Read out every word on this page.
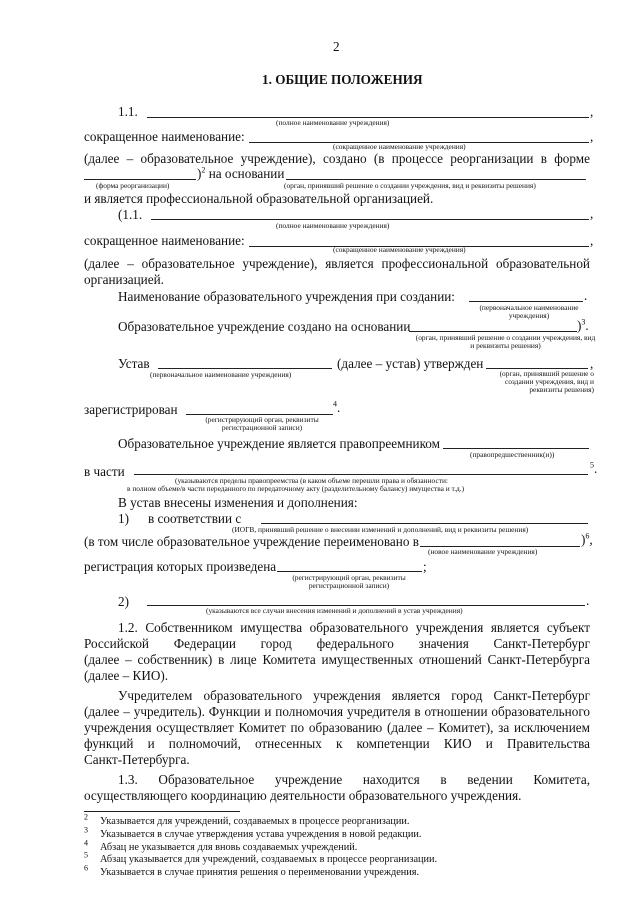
2
1. ОБЩИЕ ПОЛОЖЕНИЯ
1.1.	,
(полное наименование учреждения)
сокращенное наименование:	,
(сокращенное наименование учреждения)
(далее – образовательное учреждение), создано (в процессе реорганизации в форме
)$^2$ на основании
(форма реорганизации)	(орган, принявший решение о создании учреждения, вид и реквизиты решения)
и является профессиональной образовательной организацией.
(1.1.	,
(полное наименование учреждения)
сокращенное наименование:	,
(сокращенное наименование учреждения)
(далее – образовательное учреждение), является профессиональной образовательной
организацией.
Наименование образовательного учреждения при создании:	.
(первоначальное наименование учреждения)
Образовательное учреждение создано на основании	)$^3$.
(орган, принявший решение о создании учреждения, вид и реквизиты решения)
Устав	(далее – устав) утвержден	,
(первоначальное наименование учреждения)	(орган, принявший решение о создании учреждения, вид и реквизиты решения)
зарегистрирован	$^4$.
(регистрирующий орган, реквизиты регистрационной записи)
Образовательное учреждение является правопреемником
(правопредшественник(и))
в части	$^5$.
(указываются пределы правопреемства (в каком объеме перешли права и обязанности:
в полном объеме/в части переданного по передаточному акту (разделительному балансу) имущества и т.д.)
В устав внесены изменения и дополнения:
1) в соответствии с
(ИОГВ, принявший решение о внесении изменений и дополнений, вид и реквизиты решения)
(в том числе образовательное учреждение переименовано в	)$^6$,
(новое наименование учреждения)
регистрация которых произведена	;
(регистрирующий орган, реквизиты регистрационной записи)
2)	.
(указываются все случаи внесения изменений и дополнений в устав учреждения)
1.2. Собственником имущества образовательного учреждения является субъект
Российской Федерации город федерального значения Санкт-Петербург
(далее – собственник) в лице Комитета имущественных отношений Санкт-Петербурга
(далее – КИО).
Учредителем образовательного учреждения является город Санкт-Петербург
(далее – учредитель). Функции и полномочия учредителя в отношении образовательного
учреждения осуществляет Комитет по образованию (далее – Комитет), за исключением
функций и полномочий, отнесенных к компетенции КИО и Правительства
Санкт-Петербурга.
1.3. Образовательное учреждение находится в ведении Комитета,
осуществляющего координацию деятельности образовательного учреждения.
$^2$ Указывается для учреждений, создаваемых в процессе реорганизации.
$^3$ Указывается в случае утверждения устава учреждения в новой редакции.
$^4$ Абзац не указывается для вновь создаваемых учреждений.
$^5$ Абзац указывается для учреждений, создаваемых в процессе реорганизации.
$^6$ Указывается в случае принятия решения о переименовании учреждения.
